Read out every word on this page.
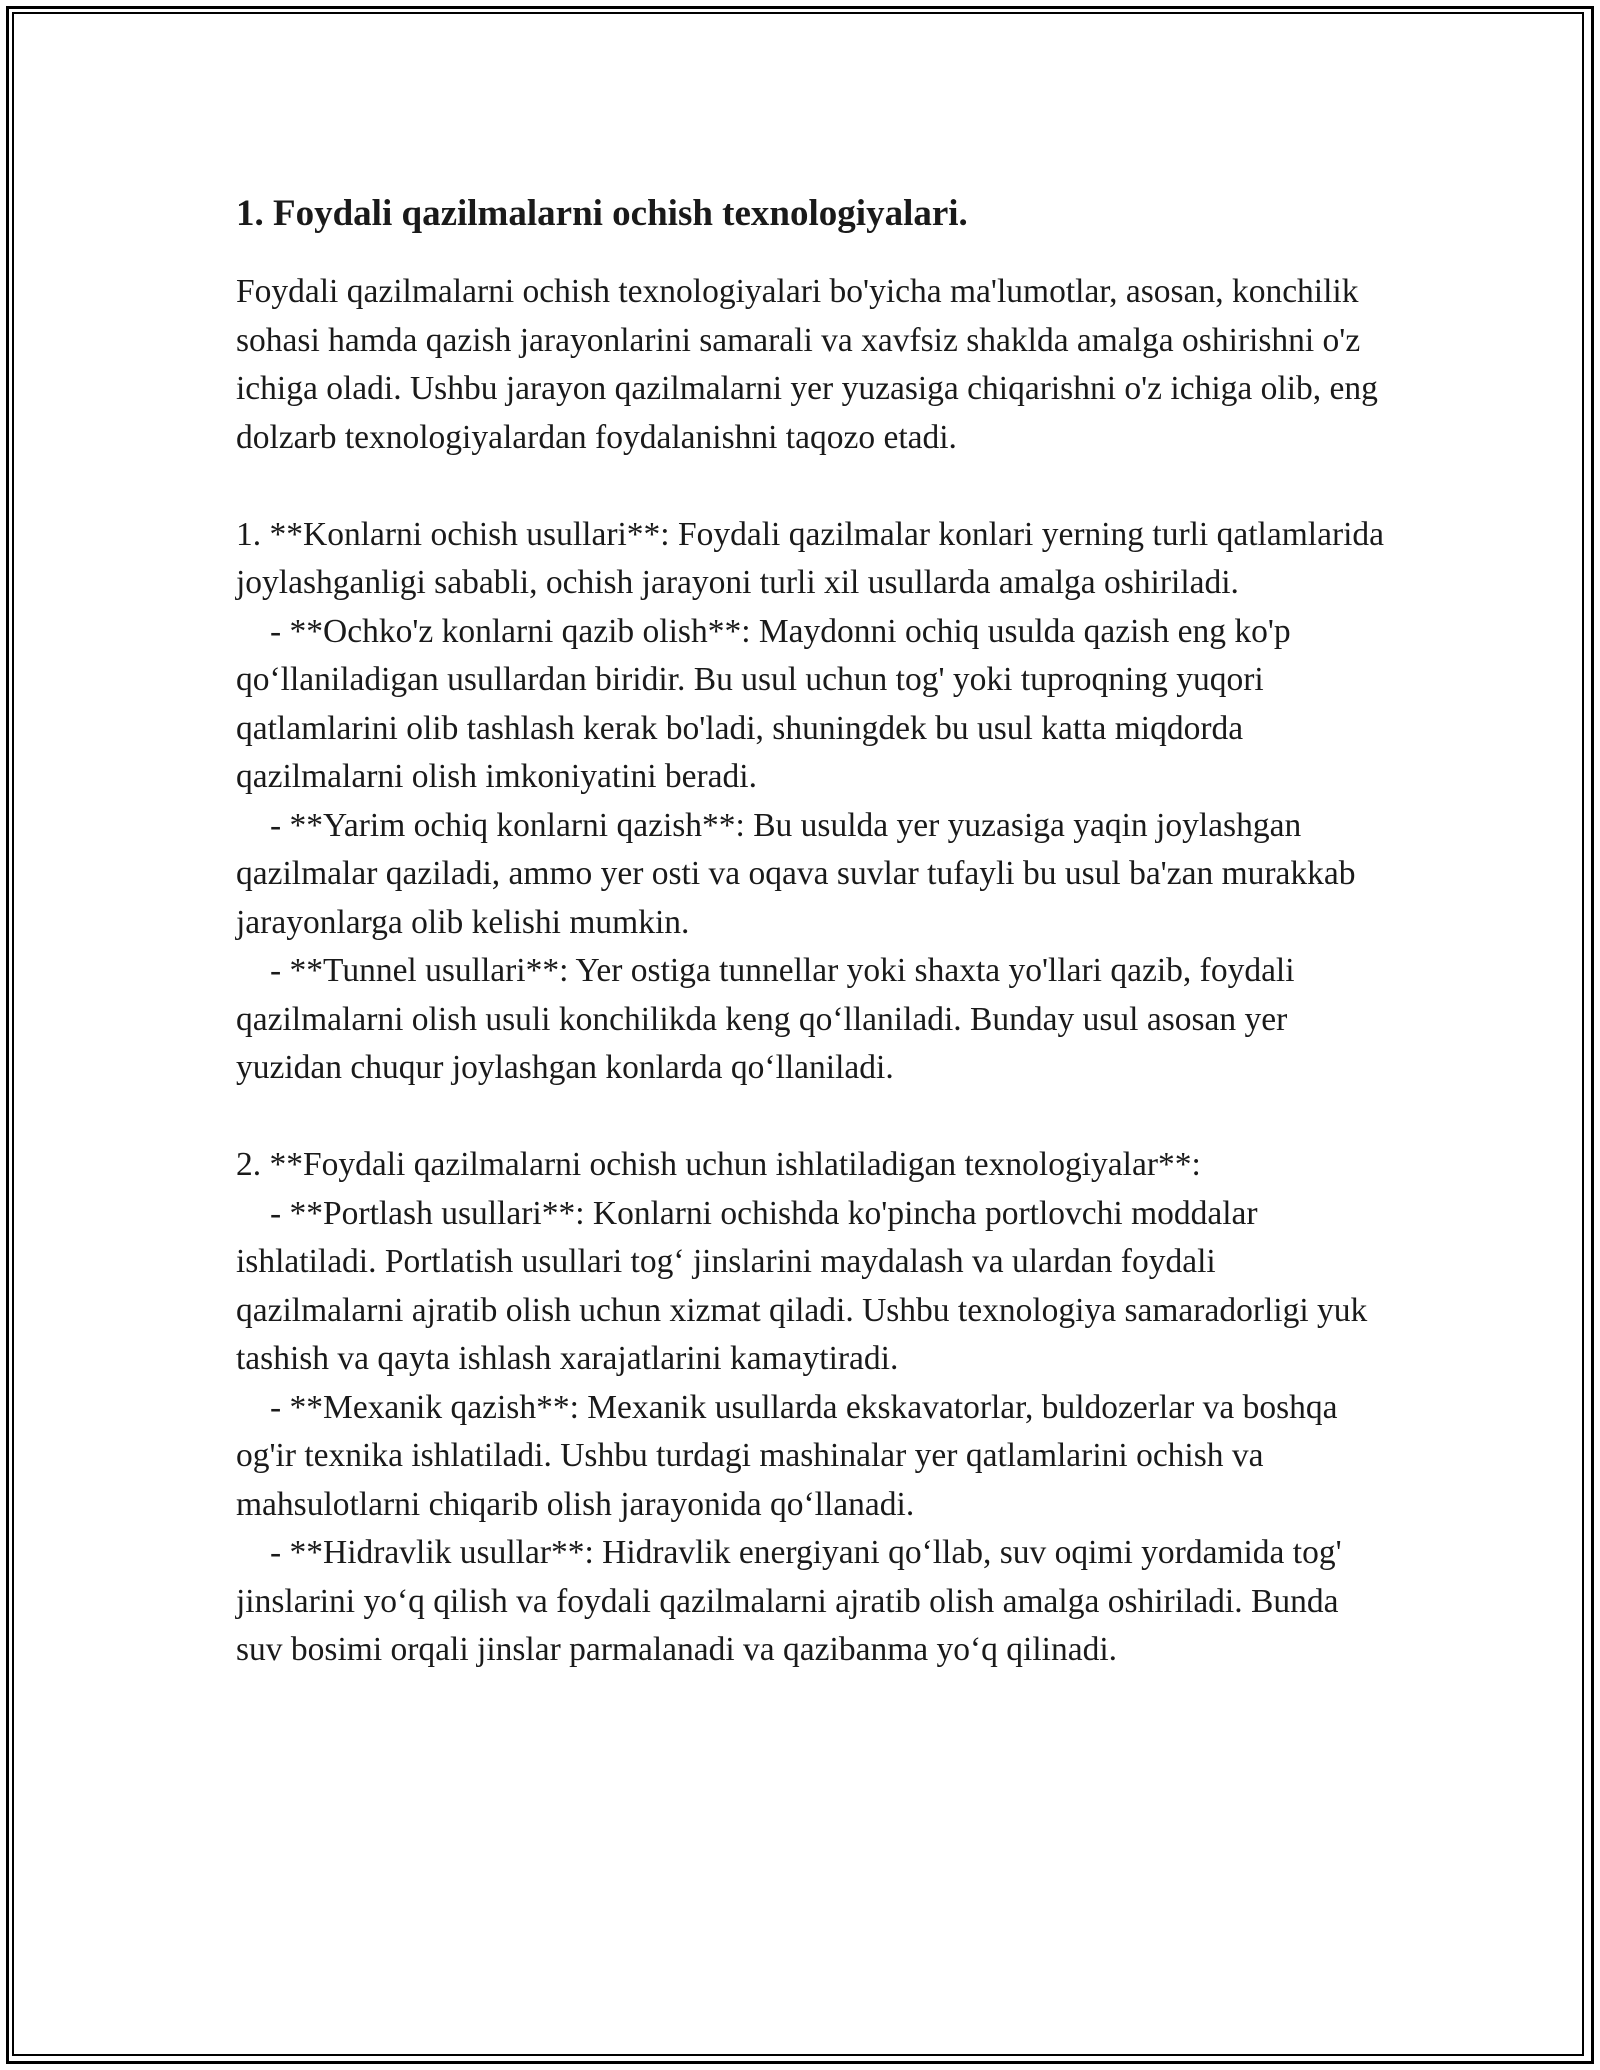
1. Foydali qazilmalarni ochish texnologiyalari.

Foydali qazilmalarni ochish texnologiyalari bo'yicha ma'lumotlar, asosan, konchilik sohasi hamda qazish jarayonlarini samarali va xavfsiz shaklda amalga oshirishni o'z ichiga oladi. Ushbu jarayon qazilmalarni yer yuzasiga chiqarishni o'z ichiga olib, eng dolzarb texnologiyalardan foydalanishni taqozo etadi.

1. **Konlarni ochish usullari**: Foydali qazilmalar konlari yerning turli qatlamlarida joylashganligi sababli, ochish jarayoni turli xil usullarda amalga oshiriladi.

- **Ochko'z konlarni qazib olish**: Maydonni ochiq usulda qazish eng ko'p qo‘llaniladigan usullardan biridir. Bu usul uchun tog' yoki tuproqning yuqori qatlamlarini olib tashlash kerak bo'ladi, shuningdek bu usul katta miqdorda qazilmalarni olish imkoniyatini beradi.

- **Yarim ochiq konlarni qazish**: Bu usulda yer yuzasiga yaqin joylashgan qazilmalar qaziladi, ammo yer osti va oqava suvlar tufayli bu usul ba'zan murakkab jarayonlarga olib kelishi mumkin.

- **Tunnel usullari**: Yer ostiga tunnellar yoki shaxta yo'llari qazib, foydali qazilmalarni olish usuli konchilikda keng qo‘llaniladi. Bunday usul asosan yer yuzidan chuqur joylashgan konlarda qo‘llaniladi.

2. **Foydali qazilmalarni ochish uchun ishlatiladigan texnologiyalar**:

- **Portlash usullari**: Konlarni ochishda ko'pincha portlovchi moddalar ishlatiladi. Portlatish usullari tog‘ jinslarini maydalash va ulardan foydali qazilmalarni ajratib olish uchun xizmat qiladi. Ushbu texnologiya samaradorligi yuk tashish va qayta ishlash xarajatlarini kamaytiradi.

- **Mexanik qazish**: Mexanik usullarda ekskavatorlar, buldozerlar va boshqa og'ir texnika ishlatiladi. Ushbu turdagi mashinalar yer qatlamlarini ochish va mahsulotlarni chiqarib olish jarayonida qo‘llanadi.

- **Hidravlik usullar**: Hidravlik energiyani qo‘llab, suv oqimi yordamida tog' jinslarini yo‘q qilish va foydali qazilmalarni ajratib olish amalga oshiriladi. Bunda suv bosimi orqali jinslar parmalanadi va qazibanma yo‘q qilinadi.
